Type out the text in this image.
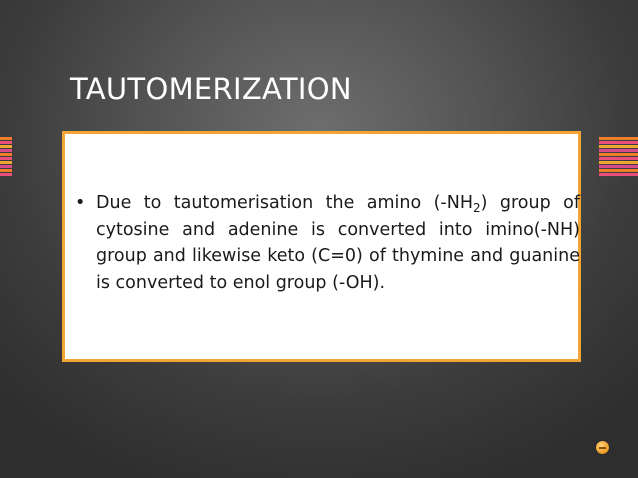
TAUTOMERIZATION
• Due to tautomerisation the amino $(-NH_2)$ group of cytosine and adenine is converted into imino(-NH) group and likewise keto (C=0) of thymine and guanine is converted to enol group (-OH).
